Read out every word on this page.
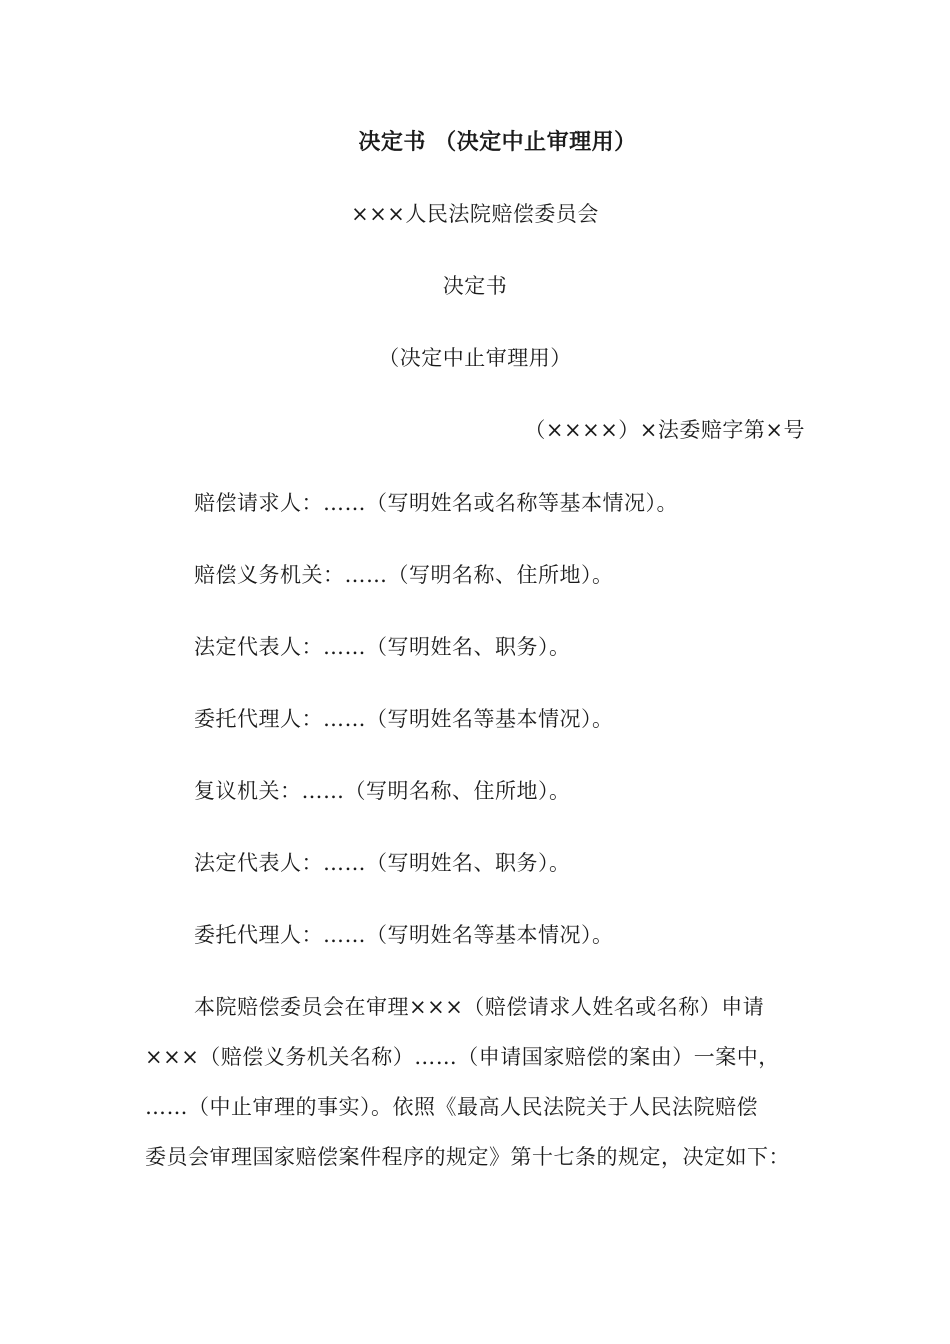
决定书 （决定中止审理用）
×××人民法院赔偿委员会
决定书
（决定中止审理用）
（××××）×法委赔字第×号
赔偿请求人：……（写明姓名或名称等基本情况）。
赔偿义务机关：……（写明名称、住所地）。
法定代表人：……（写明姓名、职务）。
委托代理人：……（写明姓名等基本情况）。
复议机关：……（写明名称、住所地）。
法定代表人：……（写明姓名、职务）。
委托代理人：……（写明姓名等基本情况）。
本院赔偿委员会在审理×××（赔偿请求人姓名或名称）申请
×××（赔偿义务机关名称）……（申请国家赔偿的案由）一案中，
……（中止审理的事实）。依照《最高人民法院关于人民法院赔偿
委员会审理国家赔偿案件程序的规定》第十七条的规定，决定如下：
